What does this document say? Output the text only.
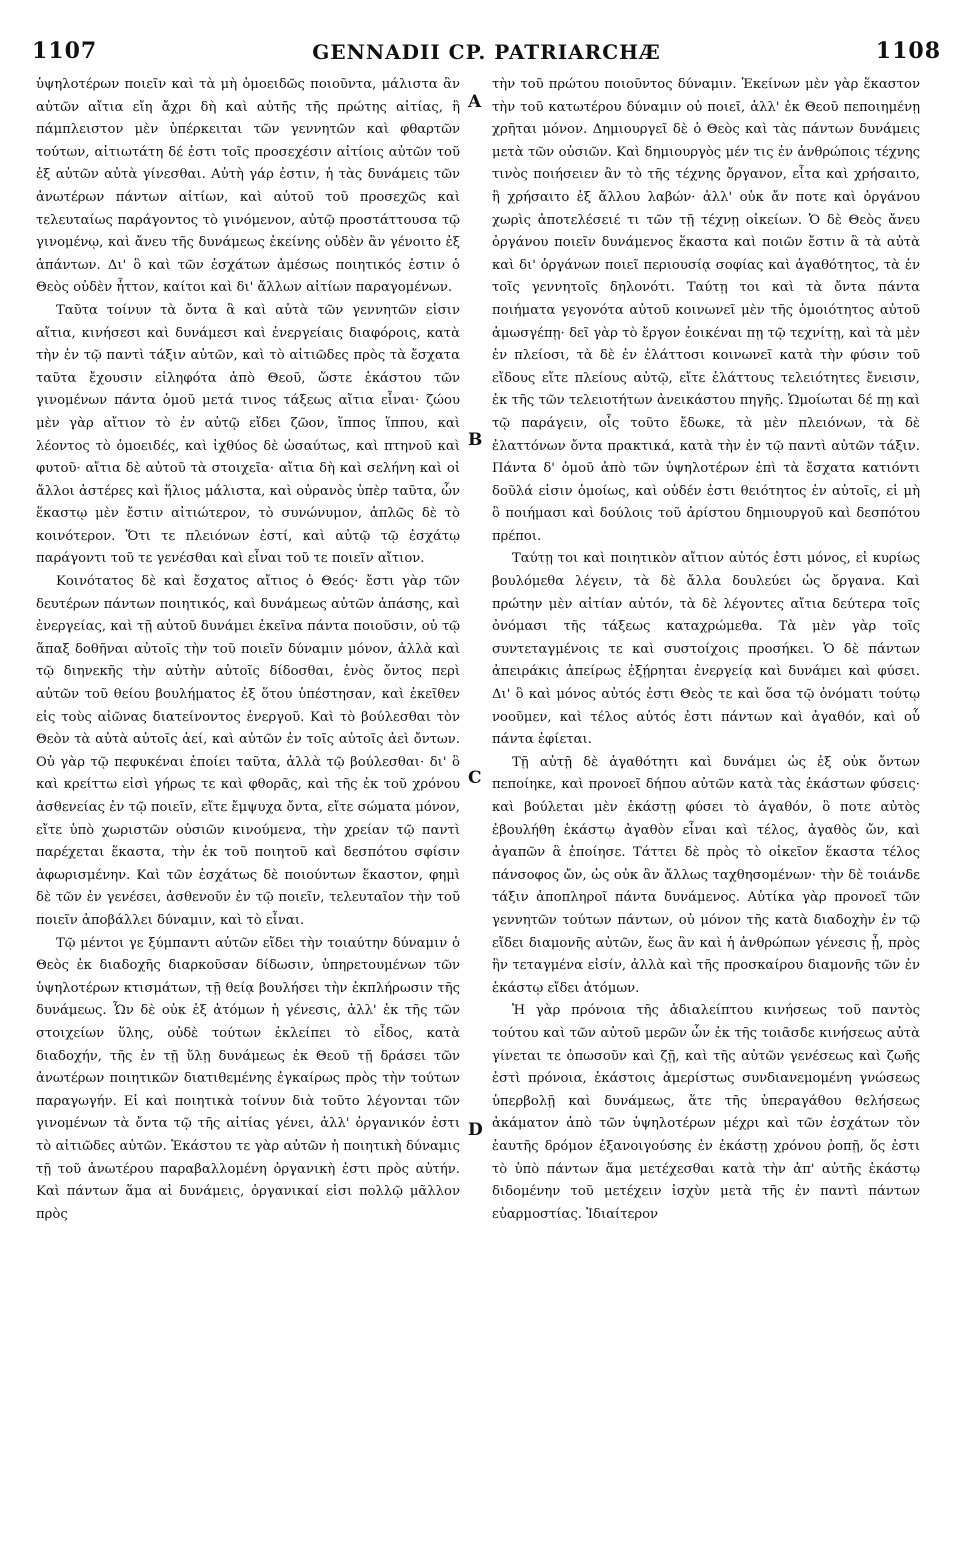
1107	GENNADII CP. PATRIARCHÆ	1108

ὑψηλοτέρων ποιεῖν καὶ τὰ μὴ ὁμοειδῶς ποιοῦντα, μάλιστα ἂν αὐτῶν αἴτια εἴη ἄχρι δὴ καὶ αὐτῆς τῆς πρώτης αἰτίας, ἣ πάμπλειστον μὲν ὑπέρκειται τῶν γεννητῶν καὶ φθαρτῶν τούτων, αἰτιωτάτη δέ ἐστι τοῖς προσεχέσιν αἰτίοις αὐτῶν τοῦ ἐξ αὐτῶν αὐτὰ γίνεσθαι. Αὐτὴ γάρ ἐστιν, ἡ τὰς δυνάμεις τῶν ἀνωτέρων πάντων αἰτίων, καὶ αὐτοῦ τοῦ προσεχῶς καὶ τελευταίως παράγοντος τὸ γινόμενον, αὐτῷ προστάττουσα τῷ γινομένῳ, καὶ ἄνευ τῆς δυνάμεως ἐκείνης οὐδὲν ἂν γένοιτο ἐξ ἁπάντων. Δι' ὃ καὶ τῶν ἐσχάτων ἀμέσως ποιητικός ἐστιν ὁ Θεὸς οὐδὲν ἧττον, καίτοι καὶ δι' ἄλλων αἰτίων παραγομένων.

Ταῦτα τοίνυν τὰ ὄντα ἃ καὶ αὐτὰ τῶν γεννητῶν εἰσιν αἴτια, κινήσεσι καὶ δυνάμεσι καὶ ἐνεργείαις διαφόροις, κατὰ τὴν ἐν τῷ παντὶ τάξιν αὐτῶν, καὶ τὸ αἰτιῶδες πρὸς τὰ ἔσχατα ταῦτα ἔχουσιν εἰληφότα ἀπὸ Θεοῦ, ὥστε ἑκάστου τῶν γινομένων πάντα ὁμοῦ μετά τινος τάξεως αἴτια εἶναι· ζώου μὲν γὰρ αἴτιον τὸ ἐν αὐτῷ εἴδει ζῶον, ἵππος ἵππου, καὶ λέοντος τὸ ὁμοειδές, καὶ ἰχθύος δὲ ὡσαύτως, καὶ πτηνοῦ καὶ φυτοῦ· αἴτια δὲ αὐτοῦ τὰ στοιχεῖα· αἴτια δὴ καὶ σελήνη καὶ οἱ ἄλλοι ἀστέρες καὶ ἥλιος μάλιστα, καὶ οὐρανὸς ὑπὲρ ταῦτα, ὧν ἕκαστῳ μὲν ἔστιν αἰτιώτερον, τὸ συνώνυμον, ἁπλῶς δὲ τὸ κοινότερον. Ὅτι τε πλειόνων ἐστί, καὶ αὐτῷ τῷ ἐσχάτῳ παράγοντι τοῦ τε γενέσθαι καὶ εἶναι τοῦ τε ποιεῖν αἴτιον.

Κοινότατος δὲ καὶ ἔσχατος αἴτιος ὁ Θεός· ἔστι γὰρ τῶν δευτέρων πάντων ποιητικός, καὶ δυνάμεως αὐτῶν ἁπάσης, καὶ ἐνεργείας, καὶ τῇ αὐτοῦ δυνάμει ἐκεῖνα πάντα ποιοῦσιν, οὐ τῷ ἅπαξ δοθῆναι αὐτοῖς τὴν τοῦ ποιεῖν δύναμιν μόνον, ἀλλὰ καὶ τῷ διηνεκῆς τὴν αὐτὴν αὐτοῖς δίδοσθαι, ἑνὸς ὄντος περὶ αὐτῶν τοῦ θείου βουλήματος ἐξ ὅτου ὑπέστησαν, καὶ ἐκεῖθεν εἰς τοὺς αἰῶνας διατείνοντος ἐνεργοῦ. Καὶ τὸ βούλεσθαι τὸν Θεὸν τὰ αὐτὰ αὐτοῖς ἀεί, καὶ αὐτῶν ἐν τοῖς αὐτοῖς ἀεὶ ὄντων. Οὐ γὰρ τῷ πεφυκέναι ἐποίει ταῦτα, ἀλλὰ τῷ βούλεσθαι· δι' ὃ καὶ κρείττω εἰσὶ γήρως τε καὶ φθορᾶς, καὶ τῆς ἐκ τοῦ χρόνου ἀσθενείας ἐν τῷ ποιεῖν, εἴτε ἔμψυχα ὄντα, εἴτε σώματα μόνον, εἴτε ὑπὸ χωριστῶν οὐσιῶν κινούμενα, τὴν χρείαν τῷ παντὶ παρέχεται ἕκαστα, τὴν ἐκ τοῦ ποιητοῦ καὶ δεσπότου σφίσιν ἀφωρισμένην. Καὶ τῶν ἐσχάτως δὲ ποιούντων ἕκαστον, φημὶ δὲ τῶν ἐν γενέσει, ἀσθενοῦν ἐν τῷ ποιεῖν, τελευταῖον τὴν τοῦ ποιεῖν ἀποβάλλει δύναμιν, καὶ τὸ εἶναι.

Τῷ μέντοι γε ξύμπαντι αὐτῶν εἴδει τὴν τοιαύτην δύναμιν ὁ Θεὸς ἐκ διαδοχῆς διαρκοῦσαν δίδωσιν, ὑπηρετουμένων τῶν ὑψηλοτέρων κτισμάτων, τῇ θείᾳ βουλήσει τὴν ἐκπλήρωσιν τῆς δυνάμεως. Ὧν δὲ οὐκ ἐξ ἀτόμων ἡ γένεσις, ἀλλ' ἐκ τῆς τῶν στοιχείων ὕλης, οὐδὲ τούτων ἐκλείπει τὸ εἶδος, κατὰ διαδοχήν, τῆς ἐν τῇ ὕλῃ δυνάμεως ἐκ Θεοῦ τῇ δράσει τῶν ἀνωτέρων ποιητικῶν διατιθεμένης ἐγκαίρως πρὸς τὴν τούτων παραγωγήν. Εἰ καὶ ποιητικὰ τοίνυν διὰ τοῦτο λέγονται τῶν γινομένων τὰ ὄντα τῷ τῆς αἰτίας γένει, ἀλλ' ὀργανικόν ἐστι τὸ αἰτιῶδες αὐτῶν. Ἑκάστου τε γὰρ αὐτῶν ἡ ποιητικὴ δύναμις τῇ τοῦ ἀνωτέρου παραβαλλομένη ὀργανικὴ ἐστι πρὸς αὐτήν. Καὶ πάντων ἅμα αἱ δυνάμεις, ὀργανικαί εἰσι πολλῷ μᾶλλον πρὸς

A
B
C
D

τὴν τοῦ πρώτου ποιοῦντος δύναμιν. Ἐκείνων μὲν γὰρ ἕκαστον τὴν τοῦ κατωτέρου δύναμιν οὐ ποιεῖ, ἀλλ' ἐκ Θεοῦ πεποιημένῃ χρῆται μόνον. Δημιουργεῖ δὲ ὁ Θεὸς καὶ τὰς πάντων δυνάμεις μετὰ τῶν οὐσιῶν. Καὶ δημιουργὸς μέν τις ἐν ἀνθρώποις τέχνης τινὸς ποιήσειεν ἂν τὸ τῆς τέχνης ὄργανον, εἶτα καὶ χρήσαιτο, ἢ χρήσαιτο ἐξ ἄλλου λαβών· ἀλλ' οὐκ ἄν ποτε καὶ ὀργάνου χωρὶς ἀποτελέσειέ τι τῶν τῇ τέχνῃ οἰκείων. Ὁ δὲ Θεὸς ἄνευ ὀργάνου ποιεῖν δυνάμενος ἕκαστα καὶ ποιῶν ἔστιν ἃ τὰ αὐτὰ καὶ δι' ὀργάνων ποιεῖ περιουσίᾳ σοφίας καὶ ἀγαθότητος, τὰ ἐν τοῖς γεννητοῖς δηλονότι. Ταύτῃ τοι καὶ τὰ ὄντα πάντα ποιήματα γεγονότα αὐτοῦ κοινωνεῖ μὲν τῆς ὁμοιότητος αὐτοῦ ἀμωσγέπῃ· δεῖ γὰρ τὸ ἔργον ἐοικέναι πῃ τῷ τεχνίτῃ, καὶ τὰ μὲν ἐν πλείοσι, τὰ δὲ ἐν ἐλάττοσι κοινωνεῖ κατὰ τὴν φύσιν τοῦ εἴδους εἴτε πλείους αὐτῷ, εἴτε ἐλάττους τελειότητες ἔνεισιν, ἐκ τῆς τῶν τελειοτήτων ἀνεικάστου πηγῆς. Ὡμοίωται δέ πῃ καὶ τῷ παράγειν, οἷς τοῦτο ἔδωκε, τὰ μὲν πλειόνων, τὰ δὲ ἐλαττόνων ὄντα πρακτικά, κατὰ τὴν ἐν τῷ παντὶ αὐτῶν τάξιν. Πάντα δ' ὁμοῦ ἀπὸ τῶν ὑψηλοτέρων ἐπὶ τὰ ἔσχατα κατιόντι δοῦλά εἰσιν ὁμοίως, καὶ οὐδέν ἐστι θειότητος ἐν αὐτοῖς, εἰ μὴ ὃ ποιήμασι καὶ δούλοις τοῦ ἀρίστου δημιουργοῦ καὶ δεσπότου πρέποι.

Ταύτῃ τοι καὶ ποιητικὸν αἴτιον αὐτός ἐστι μόνος, εἰ κυρίως βουλόμεθα λέγειν, τὰ δὲ ἄλλα δουλεύει ὡς ὄργανα. Καὶ πρώτην μὲν αἰτίαν αὐτόν, τὰ δὲ λέγοντες αἴτια δεύτερα τοῖς ὀνόμασι τῆς τάξεως καταχρώμεθα. Τὰ μὲν γὰρ τοῖς συντεταγμένοις τε καὶ συστοίχοις προσήκει. Ὁ δὲ πάντων ἀπειράκις ἀπείρως ἐξῄρηται ἐνεργείᾳ καὶ δυνάμει καὶ φύσει. Δι' ὃ καὶ μόνος αὐτός ἐστι Θεὸς τε καὶ ὅσα τῷ ὀνόματι τούτῳ νοοῦμεν, καὶ τέλος αὐτός ἐστι πάντων καὶ ἀγαθόν, καὶ οὗ πάντα ἐφίεται.

Τῇ αὐτῇ δὲ ἀγαθότητι καὶ δυνάμει ὡς ἐξ οὐκ ὄντων πεποίηκε, καὶ προνοεῖ δήπου αὐτῶν κατὰ τὰς ἑκάστων φύσεις· καὶ βούλεται μὲν ἑκάστῃ φύσει τὸ ἀγαθόν, ὃ ποτε αὐτὸς ἐβουλήθη ἑκάστῳ ἀγαθὸν εἶναι καὶ τέλος, ἀγαθὸς ὤν, καὶ ἀγαπῶν ἃ ἐποίησε. Τάττει δὲ πρὸς τὸ οἰκεῖον ἕκαστα τέλος πάνσοφος ὤν, ὡς οὐκ ἂν ἄλλως ταχθησομένων· τὴν δὲ τοιάνδε τάξιν ἀποπληροῖ πάντα δυνάμενος. Αὐτίκα γὰρ προνοεῖ τῶν γεννητῶν τούτων πάντων, οὐ μόνον τῆς κατὰ διαδοχὴν ἐν τῷ εἴδει διαμονῆς αὐτῶν, ἕως ἂν καὶ ἡ ἀνθρώπων γένεσις ᾖ, πρὸς ἣν τεταγμένα εἰσίν, ἀλλὰ καὶ τῆς προσκαίρου διαμονῆς τῶν ἐν ἑκάστῳ εἴδει ἀτόμων.

Ἡ γὰρ πρόνοια τῆς ἀδιαλείπτου κινήσεως τοῦ παντὸς τούτου καὶ τῶν αὐτοῦ μερῶν ὧν ἐκ τῆς τοιᾶσδε κινήσεως αὐτὰ γίνεται τε ὁπωσοῦν καὶ ζῇ, καὶ τῆς αὐτῶν γενέσεως καὶ ζωῆς ἐστὶ πρόνοια, ἑκάστοις ἀμερίστως συνδιανεμομένη γνώσεως ὑπερβολῇ καὶ δυνάμεως, ἅτε τῆς ὑπεραγάθου θελήσεως ἀκάματον ἀπὸ τῶν ὑψηλοτέρων μέχρι καὶ τῶν ἐσχάτων τὸν ἑαυτῆς δρόμον ἐξανοιγούσης ἐν ἑκάστῃ χρόνου ῥοπῇ, ὅς ἐστι τὸ ὑπὸ πάντων ἅμα μετέχεσθαι κατὰ τὴν ἀπ' αὐτῆς ἑκάστῳ διδομένην τοῦ μετέχειν ἰσχὺν μετὰ τῆς ἐν παντὶ πάντων εὐαρμοστίας. Ἰδιαίτερον
